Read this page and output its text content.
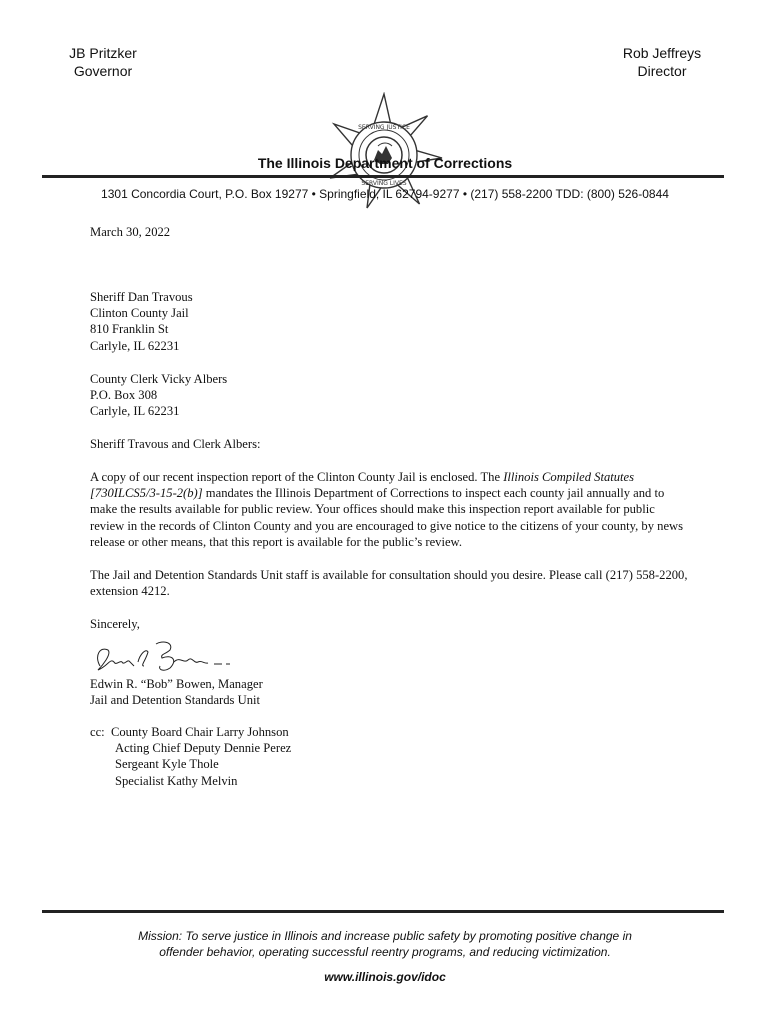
JB Pritzker
Governor
Rob Jeffreys
Director
SERVING JUSTICE
SERVING LIVES
The Illinois Department of Corrections
1301 Concordia Court, P.O. Box 19277 • Springfield, IL 62794-9277 • (217) 558-2200 TDD: (800) 526-0844
March 30, 2022

Sheriff Dan Travous

Clinton County Jail

810 Franklin St

Carlyle, IL 62231

County Clerk Vicky Albers

P.O. Box 308

Carlyle, IL 62231

Sheriff Travous and Clerk Albers:
A copy of our recent inspection report of the Clinton County Jail is enclosed. The Illinois Compiled Statutes [730ILCS5/3-15-2(b)] mandates the Illinois Department of Corrections to inspect each county jail annually and to make the results available for public review. Your offices should make this inspection report available for public review in the records of Clinton County and you are encouraged to give notice to the citizens of your county, by news release or other means, that this report is available for the public’s review.
The Jail and Detention Standards Unit staff is available for consultation should you desire. Please call (217) 558-2200, extension 4212.
Sincerely,

Edwin R. “Bob” Bowen, Manager

Jail and Detention Standards Unit

cc: County Board Chair Larry Johnson

Acting Chief Deputy Dennie Perez

Sergeant Kyle Thole

Specialist Kathy Melvin

Mission: To serve justice in Illinois and increase public safety by promoting positive change in
offender behavior, operating successful reentry programs, and reducing victimization.
www.illinois.gov/idoc
